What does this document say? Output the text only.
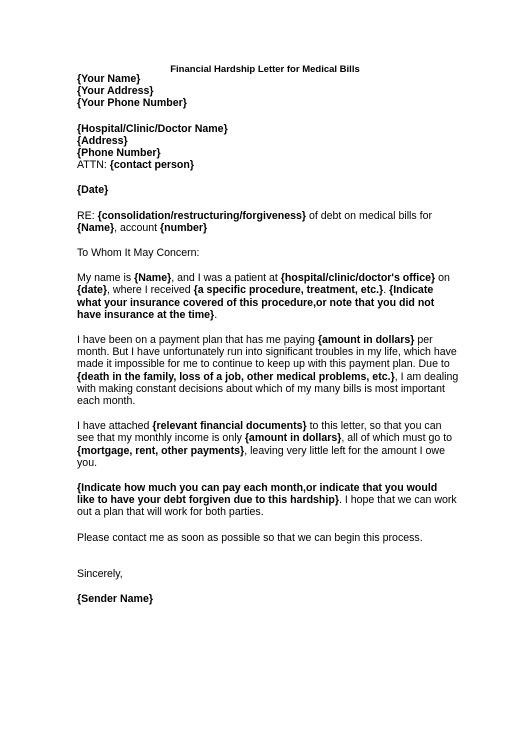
Financial Hardship Letter for Medical Bills
{Your Name}
{Your Address}
{Your Phone Number}
{Hospital/Clinic/Doctor Name}
{Address}
{Phone Number}
ATTN: {contact person}
{Date}
RE: {consolidation/restructuring/forgiveness} of debt on medical bills for
{Name}, account {number}
To Whom It May Concern:
My name is {Name}, and I was a patient at {hospital/clinic/doctor's office} on
{date}, where I received {a specific procedure, treatment, etc.}. {Indicate
what your insurance covered of this procedure,or note that you did not
have insurance at the time}.
I have been on a payment plan that has me paying {amount in dollars} per
month. But I have unfortunately run into significant troubles in my life, which have
made it impossible for me to continue to keep up with this payment plan. Due to
{death in the family, loss of a job, other medical problems, etc.}, I am dealing
with making constant decisions about which of my many bills is most important
each month.
I have attached {relevant financial documents} to this letter, so that you can
see that my monthly income is only {amount in dollars}, all of which must go to
{mortgage, rent, other payments}, leaving very little left for the amount I owe
you.
{Indicate how much you can pay each month,or indicate that you would
like to have your debt forgiven due to this hardship}. I hope that we can work
out a plan that will work for both parties.
Please contact me as soon as possible so that we can begin this process.
Sincerely,
{Sender Name}
